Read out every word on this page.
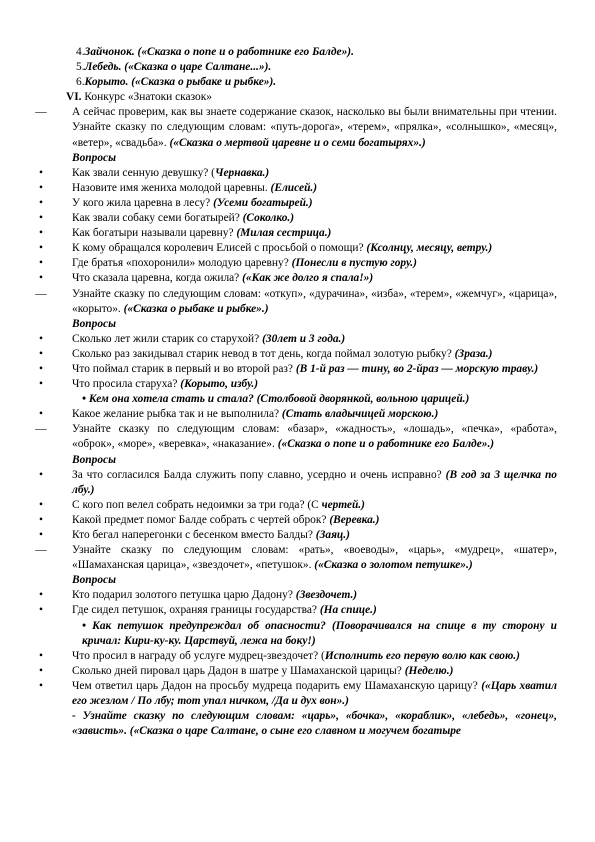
4.Зайчонок. («Сказка о попе и о работнике его Балде»).
5.Лебедь. («Сказка о царе Салтане...»).
6.Корыто. («Сказка о рыбаке и рыбке»).
VI. Конкурс «Знатоки сказок»
— А сейчас проверим, как вы знаете содержание сказок, насколько вы были внимательны при чтении. Узнайте сказку по следующим словам: «путь-дорога», «терем», «прялка», «солнышко», «месяц», «ветер», «свадьба». («Сказка о мертвой царевне и о семи богатырях».)
Вопросы
•	Как звали сенную девушку? (Чернавка.)
•	Назовите имя жениха молодой царевны. (Елисей.)
•	У кого жила царевна в лесу? (Усеми богатырей.)
•	Как звали собаку семи богатырей? (Соколко.)
•	Как богатыри называли царевну? (Милая сестрица.)
•	К кому обращался королевич Елисей с просьбой о помощи? (Ксолнцу, месяцу, ветру.)
•	Где братья «похоронили» молодую царевну? (Понесли в пустую гору.)
•	Что сказала царевна, когда ожила? («Как же долго я спала!»)
— Узнайте сказку по следующим словам: «откуп», «дурачина», «изба», «терем», «жемчуг», «царица», «корыто». («Сказка о рыбаке и рыбке».)
Вопросы
•	Сколько лет жили старик со старухой? (30лет и 3 года.)
•	Сколько раз закидывал старик невод в тот день, когда поймал золотую рыбку? (Зраза.)
•	Что поймал старик в первый и во второй раз? (В 1-й раз — тину, во 2-йраз — морскую траву.)
•	Что просила старуха? (Корыто, избу.)
• Кем она хотела стать и стала? (Столбовой дворянкой, вольною царицей.)
•	Какое желание рыбка так и не выполнила? (Стать владычицей морскою.)
— Узнайте сказку по следующим словам: «базар», «жадность», «лошадь», «печка», «работа», «оброк», «море», «веревка», «наказание». («Сказка о попе и о работнике его Балде».)
Вопросы
•	За что согласился Балда служить попу славно, усердно и очень исправно? (В год за 3 щелчка по лбу.)
•	С кого поп велел собрать недоимки за три года? (С чертей.)
•	Какой предмет помог Балде собрать с чертей оброк? (Веревка.)
•	Кто бегал наперегонки с бесенком вместо Балды? (Заяц.)
— Узнайте сказку по следующим словам: «рать», «воеводы», «царь», «мудрец», «шатер», «Шамаханская царица», «звездочет», «петушок». («Сказка о золотом петушке».)
Вопросы
•	Кто подарил золотого петушка царю Дадону? (Звездочет.)
•	Где сидел петушок, охраняя границы государства? (На спице.)
• Как петушок предупреждал об опасности? (Поворачивался на спице в ту сторону и кричал: Кири-ку-ку. Царствуй, лежа на боку!)
•	Что просил в награду об услуге мудрец-звездочет? (Исполнить его первую волю как свою.)
•	Сколько дней пировал царь Дадон в шатре у Шамаханской царицы? (Неделю.)
•	Чем ответил царь Дадон на просьбу мудреца подарить ему Шамаханскую царицу? («Царь хватил его жезлом / По лбу; тот упал ничком, /Да и дух вон».)
- Узнайте сказку по следующим словам: «царь», «бочка», «кораблик», «лебедь», «гонец», «зависть». («Сказка о царе Салтане, о сыне его славном и могучем богатыре
